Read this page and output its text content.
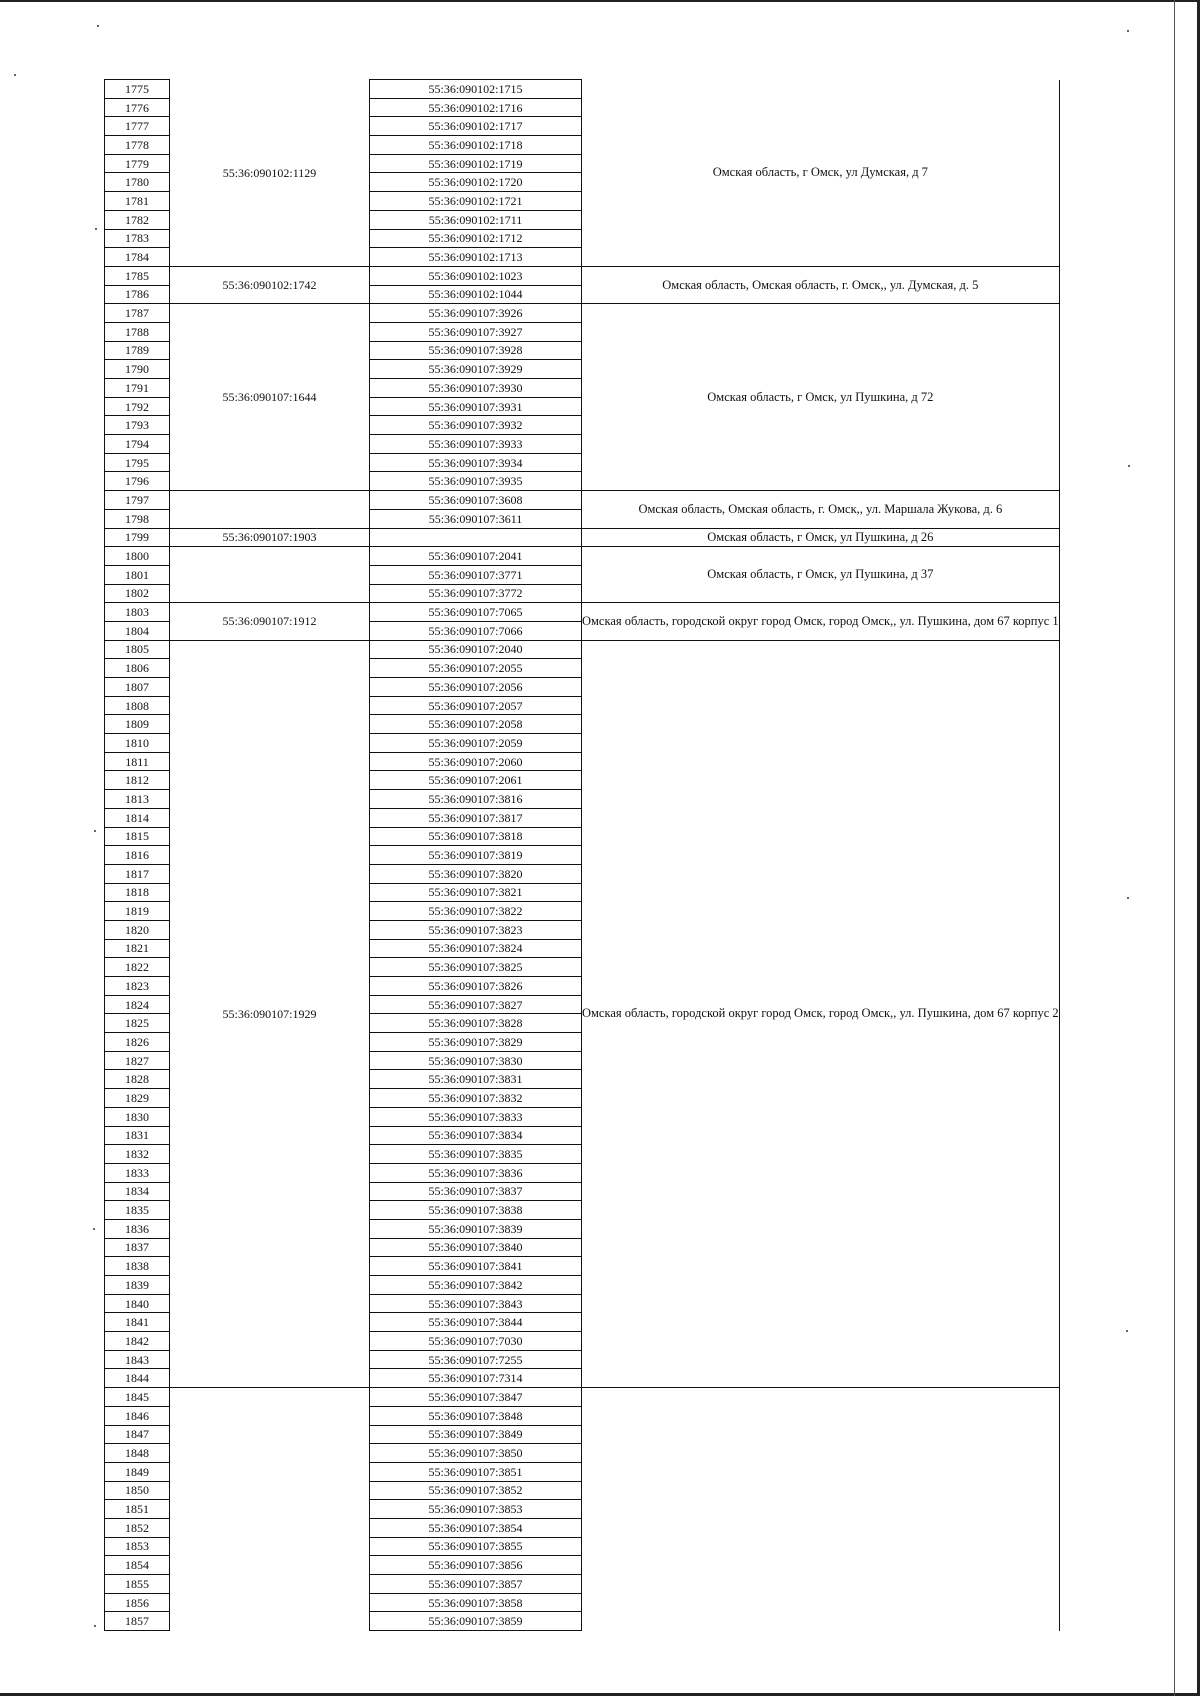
1775	55:36:090102:1129	55:36:090102:1715	Омская область, г Омск, ул Думская, д 7
1776		55:36:090102:1716	
1777		55:36:090102:1717	
1778		55:36:090102:1718	
1779		55:36:090102:1719	
1780		55:36:090102:1720	
1781		55:36:090102:1721	
1782		55:36:090102:1711	
1783		55:36:090102:1712	
1784		55:36:090102:1713	
1785	55:36:090102:1742	55:36:090102:1023	Омская область, Омская область, г. Омск,, ул. Думская, д. 5
1786		55:36:090102:1044	
1787	55:36:090107:1644	55:36:090107:3926	Омская область, г Омск, ул Пушкина, д 72
1788		55:36:090107:3927	
1789		55:36:090107:3928	
1790		55:36:090107:3929	
1791		55:36:090107:3930	
1792		55:36:090107:3931	
1793		55:36:090107:3932	
1794		55:36:090107:3933	
1795		55:36:090107:3934	
1796		55:36:090107:3935	
1797		55:36:090107:3608	Омская область, Омская область, г. Омск,, ул. Маршала Жукова, д. 6
1798		55:36:090107:3611	
1799	55:36:090107:1903		Омская область, г Омск, ул Пушкина, д 26
1800		55:36:090107:2041	Омская область, г Омск, ул Пушкина, д 37
1801		55:36:090107:3771	
1802		55:36:090107:3772	
1803	55:36:090107:1912	55:36:090107:7065	Омская область, городской округ город Омск, город Омск,, ул. Пушкина, дом 67 корпус 1
1804		55:36:090107:7066	
1805	55:36:090107:1929	55:36:090107:2040	Омская область, городской округ город Омск, город Омск,, ул. Пушкина, дом 67 корпус 2
1806		55:36:090107:2055	
1807		55:36:090107:2056	
1808		55:36:090107:2057	
1809		55:36:090107:2058	
1810		55:36:090107:2059	
1811		55:36:090107:2060	
1812		55:36:090107:2061	
1813		55:36:090107:3816	
1814		55:36:090107:3817	
1815		55:36:090107:3818	
1816		55:36:090107:3819	
1817		55:36:090107:3820	
1818		55:36:090107:3821	
1819		55:36:090107:3822	
1820		55:36:090107:3823	
1821		55:36:090107:3824	
1822		55:36:090107:3825	
1823		55:36:090107:3826	
1824		55:36:090107:3827	
1825		55:36:090107:3828	
1826		55:36:090107:3829	
1827		55:36:090107:3830	
1828		55:36:090107:3831	
1829		55:36:090107:3832	
1830		55:36:090107:3833	
1831		55:36:090107:3834	
1832		55:36:090107:3835	
1833		55:36:090107:3836	
1834		55:36:090107:3837	
1835		55:36:090107:3838	
1836		55:36:090107:3839	
1837		55:36:090107:3840	
1838		55:36:090107:3841	
1839		55:36:090107:3842	
1840		55:36:090107:3843	
1841		55:36:090107:3844	
1842		55:36:090107:7030	
1843		55:36:090107:7255	
1844		55:36:090107:7314	
1845		55:36:090107:3847	
1846		55:36:090107:3848	
1847		55:36:090107:3849	
1848		55:36:090107:3850	
1849		55:36:090107:3851	
1850		55:36:090107:3852	
1851		55:36:090107:3853	
1852		55:36:090107:3854	
1853		55:36:090107:3855	
1854		55:36:090107:3856	
1855		55:36:090107:3857	
1856		55:36:090107:3858	
1857		55:36:090107:3859	
